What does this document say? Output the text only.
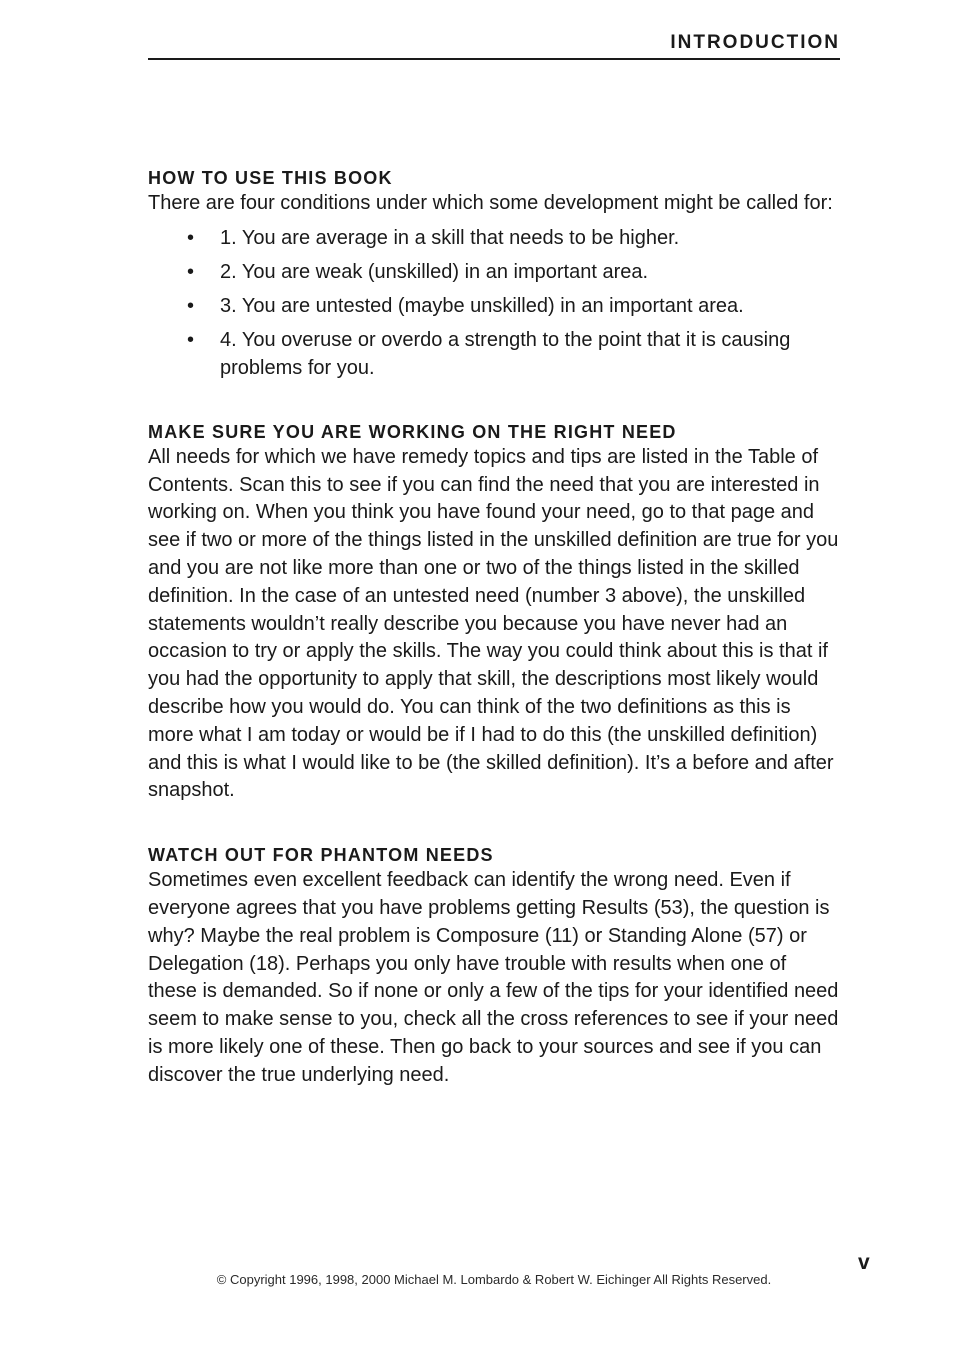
INTRODUCTION
HOW TO USE THIS BOOK

There are four conditions under which some development might be called for:

• 1. You are average in a skill that needs to be higher.
• 2. You are weak (unskilled) in an important area.
• 3. You are untested (maybe unskilled) in an important area.
• 4. You overuse or overdo a strength to the point that it is causing problems for you.
MAKE SURE YOU ARE WORKING ON THE RIGHT NEED

All needs for which we have remedy topics and tips are listed in the Table of Contents. Scan this to see if you can find the need that you are interested in working on. When you think you have found your need, go to that page and see if two or more of the things listed in the unskilled definition are true for you and you are not like more than one or two of the things listed in the skilled definition. In the case of an untested need (number 3 above), the unskilled statements wouldn’t really describe you because you have never had an occasion to try or apply the skills. The way you could think about this is that if you had the opportunity to apply that skill, the descriptions most likely would describe how you would do. You can think of the two definitions as this is more what I am today or would be if I had to do this (the unskilled definition) and this is what I would like to be (the skilled definition). It’s a before and after snapshot.

WATCH OUT FOR PHANTOM NEEDS

Sometimes even excellent feedback can identify the wrong need. Even if everyone agrees that you have problems getting Results (53), the question is why? Maybe the real problem is Composure (11) or Standing Alone (57) or Delegation (18). Perhaps you only have trouble with results when one of these is demanded. So if none or only a few of the tips for your identified need seem to make sense to you, check all the cross references to see if your need is more likely one of these. Then go back to your sources and see if you can discover the true underlying need.

v
© Copyright 1996, 1998, 2000 Michael M. Lombardo & Robert W. Eichinger All Rights Reserved.
